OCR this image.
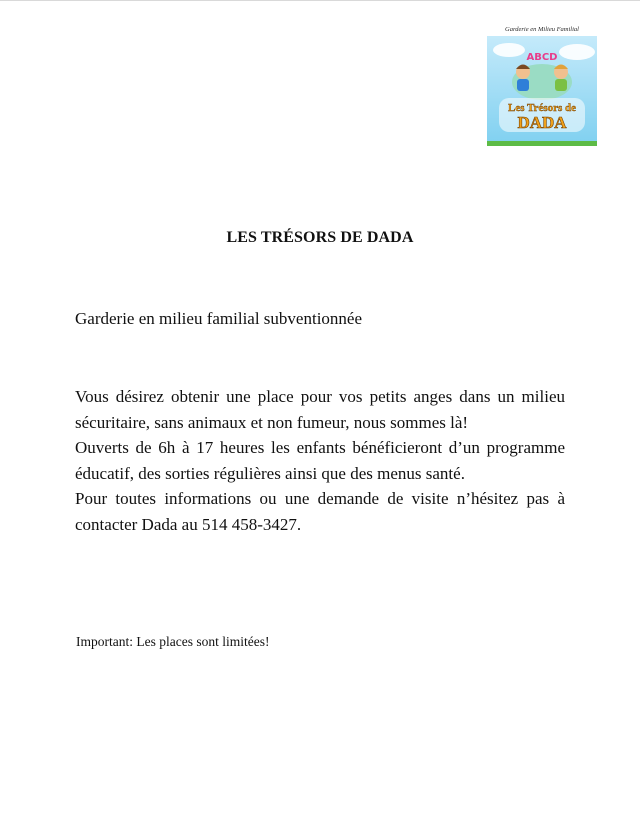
Garderie en Milieu Familial
ABCD
Les Trésors de
DADA
LES TRÉSORS DE DADA
Garderie en milieu familial subventionnée

Vous désirez obtenir une place pour vos petits anges dans un milieu sécuritaire, sans animaux et non fumeur, nous sommes là!

Ouverts de 6h à 17 heures les enfants bénéficieront d’un programme éducatif, des sorties régulières ainsi que des menus santé.

Pour toutes informations ou une demande de visite n’hésitez pas à contacter Dada au 514 458-3427.

Important: Les places sont limitées!
